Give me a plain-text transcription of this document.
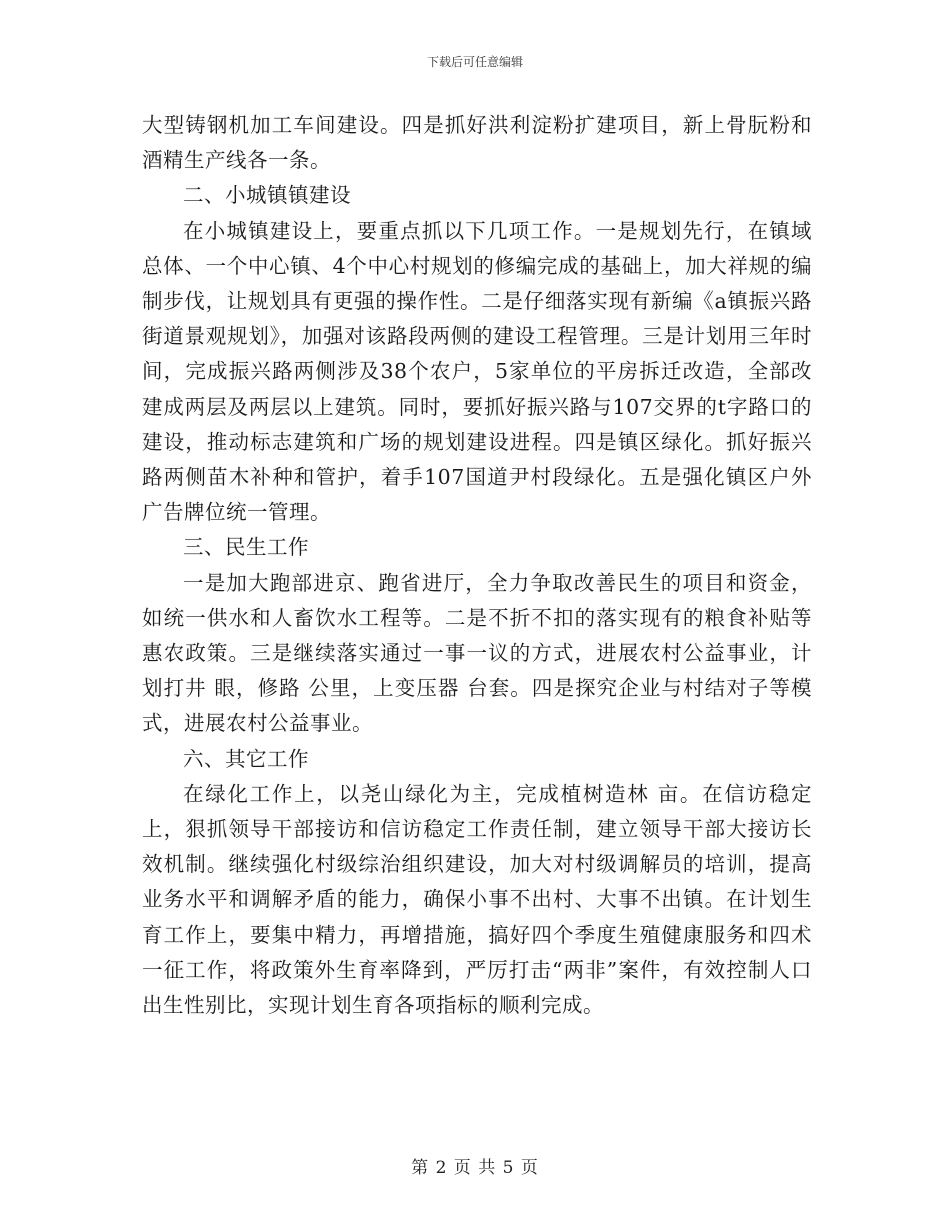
下载后可任意编辑

大型铸钢机加工车间建设。四是抓好洪利淀粉扩建项目，新上骨朊粉和酒精生产线各一条。

二、小城镇镇建设

在小城镇建设上，要重点抓以下几项工作。一是规划先行，在镇域总体、一个中心镇、4个中心村规划的修编完成的基础上，加大祥规的编制步伐，让规划具有更强的操作性。二是仔细落实现有新编《a镇振兴路街道景观规划》，加强对该路段两侧的建设工程管理。三是计划用三年时间，完成振兴路两侧涉及38个农户，5家单位的平房拆迁改造，全部改建成两层及两层以上建筑。同时，要抓好振兴路与107交界的t字路口的建设，推动标志建筑和广场的规划建设进程。四是镇区绿化。抓好振兴路两侧苗木补种和管护，着手107国道尹村段绿化。五是强化镇区户外广告牌位统一管理。

三、民生工作

一是加大跑部进京、跑省进厅，全力争取改善民生的项目和资金，如统一供水和人畜饮水工程等。二是不折不扣的落实现有的粮食补贴等惠农政策。三是继续落实通过一事一议的方式，进展农村公益事业，计划打井 眼，修路 公里，上变压器 台套。四是探究企业与村结对子等模式，进展农村公益事业。

六、其它工作

在绿化工作上，以尧山绿化为主，完成植树造林 亩。在信访稳定上，狠抓领导干部接访和信访稳定工作责任制，建立领导干部大接访长效机制。继续强化村级综治组织建设，加大对村级调解员的培训，提高业务水平和调解矛盾的能力，确保小事不出村、大事不出镇。在计划生育工作上，要集中精力，再增措施，搞好四个季度生殖健康服务和四术一征工作，将政策外生育率降到，严厉打击“两非”案件，有效控制人口出生性别比，实现计划生育各项指标的顺利完成。

第 2 页 共 5 页
